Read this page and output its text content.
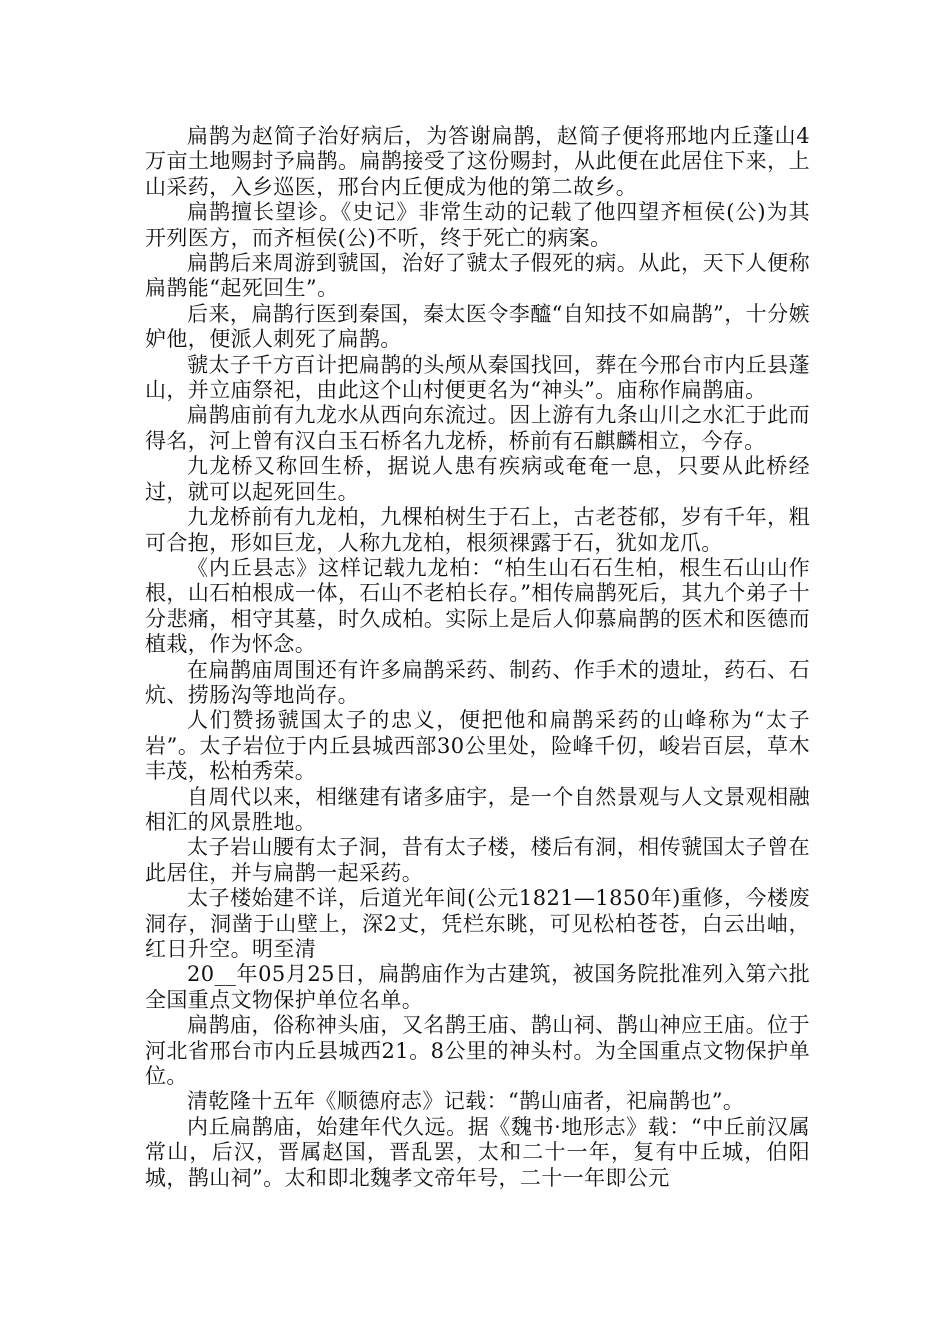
扁鹊为赵简子治好病后，为答谢扁鹊，赵简子便将邢地内丘蓬山4万亩土地赐封予扁鹊。扁鹊接受了这份赐封，从此便在此居住下来，上山采药，入乡巡医，邢台内丘便成为他的第二故乡。

扁鹊擅长望诊。《史记》非常生动的记载了他四望齐桓侯(公)为其开列医方，而齐桓侯(公)不听，终于死亡的病案。

扁鹊后来周游到虢国，治好了虢太子假死的病。从此，天下人便称扁鹊能“起死回生”。

后来，扁鹊行医到秦国，秦太医令李醯“自知技不如扁鹊”，十分嫉妒他，便派人刺死了扁鹊。

虢太子千方百计把扁鹊的头颅从秦国找回，葬在今邢台市内丘县蓬山，并立庙祭祀，由此这个山村便更名为“神头”。庙称作扁鹊庙。

扁鹊庙前有九龙水从西向东流过。因上游有九条山川之水汇于此而得名，河上曾有汉白玉石桥名九龙桥，桥前有石麒麟相立，今存。

九龙桥又称回生桥，据说人患有疾病或奄奄一息，只要从此桥经过，就可以起死回生。

九龙桥前有九龙柏，九棵柏树生于石上，古老苍郁，岁有千年，粗可合抱，形如巨龙，人称九龙柏，根须裸露于石，犹如龙爪。

《内丘县志》这样记载九龙柏：“柏生山石石生柏，根生石山山作根，山石柏根成一体，石山不老柏长存。”相传扁鹊死后，其九个弟子十分悲痛，相守其墓，时久成柏。实际上是后人仰慕扁鹊的医术和医德而植栽，作为怀念。

在扁鹊庙周围还有许多扁鹊采药、制药、作手术的遗址，药石、石炕、捞肠沟等地尚存。

人们赞扬虢国太子的忠义，便把他和扁鹊采药的山峰称为“太子岩”。太子岩位于内丘县城西部30公里处，险峰千仞，峻岩百层，草木丰茂，松柏秀荣。

自周代以来，相继建有诸多庙宇，是一个自然景观与人文景观相融相汇的风景胜地。

太子岩山腰有太子洞，昔有太子楼，楼后有洞，相传虢国太子曾在此居住，并与扁鹊一起采药。

太子楼始建不详，后道光年间(公元1821—1850年)重修，今楼废洞存，洞凿于山壁上，深2丈，凭栏东眺，可见松柏苍苍，白云出岫，红日升空。明至清

20__年05月25日，扁鹊庙作为古建筑，被国务院批准列入第六批全国重点文物保护单位名单。

扁鹊庙，俗称神头庙，又名鹊王庙、鹊山祠、鹊山神应王庙。位于河北省邢台市内丘县城西21。8公里的神头村。为全国重点文物保护单位。

清乾隆十五年《顺德府志》记载：“鹊山庙者，祀扁鹊也”。

内丘扁鹊庙，始建年代久远。据《魏书·地形志》载：“中丘前汉属常山，后汉，晋属赵国，晋乱罢，太和二十一年，复有中丘城，伯阳城，鹊山祠”。太和即北魏孝文帝年号，二十一年即公元
